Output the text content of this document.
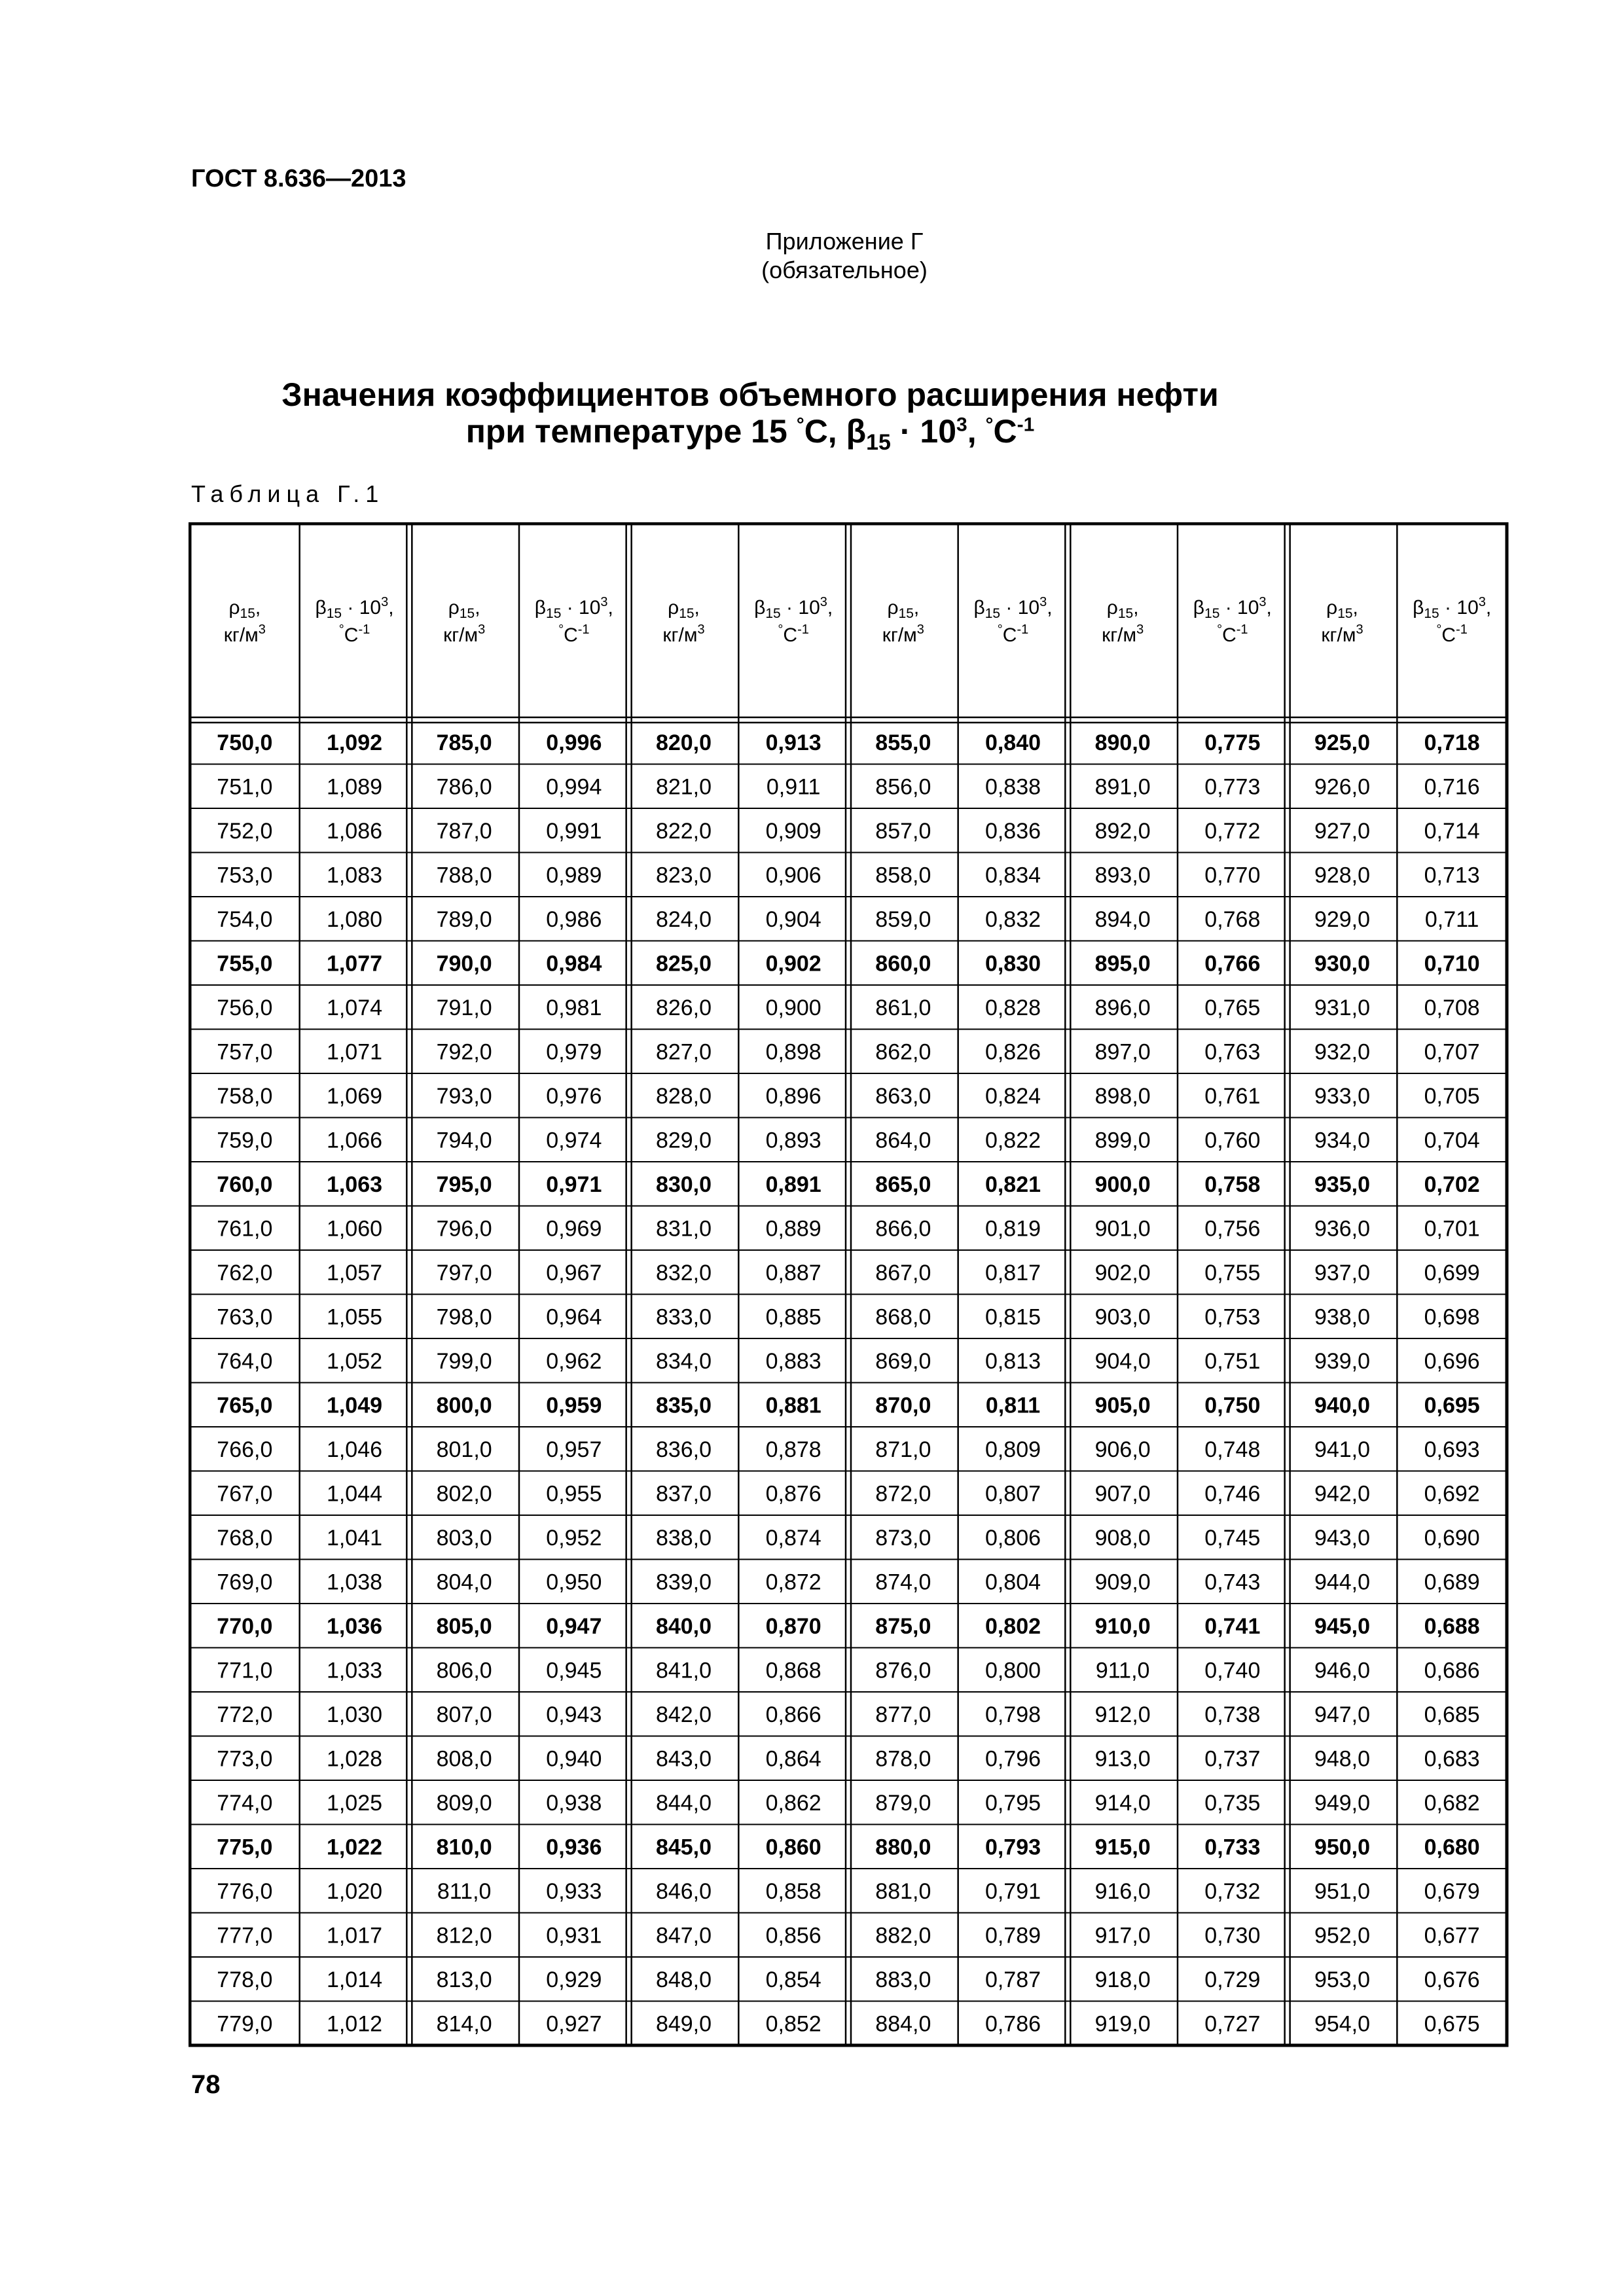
ГОСТ 8.636—2013
Приложение Г
(обязательное)
Значения коэффициентов объемного расширения нефти
при температуре 15 °С, $\beta_{15} \cdot 10^3$, $^\circ С^{-1}$
Таблица Г.1
$\rho_{15}$,
$кг/м^3$
$\beta_{15} \cdot 10^3$,
$^\circ С^{-1}$
$\rho_{15}$,
$кг/м^3$
$\beta_{15} \cdot 10^3$,
$^\circ С^{-1}$
$\rho_{15}$,
$кг/м^3$
$\beta_{15} \cdot 10^3$,
$^\circ С^{-1}$
$\rho_{15}$,
$кг/м^3$
$\beta_{15} \cdot 10^3$,
$^\circ С^{-1}$
$\rho_{15}$,
$кг/м^3$
$\beta_{15} \cdot 10^3$,
$^\circ С^{-1}$
$\rho_{15}$,
$кг/м^3$
$\beta_{15} \cdot 10^3$,
$^\circ С^{-1}$
750,0 1,092 785,0 0,996 820,0 0,913 855,0 0,840 890,0 0,775 925,0 0,718
751,0 1,089 786,0 0,994 821,0 0,911 856,0 0,838 891,0 0,773 926,0 0,716
752,0 1,086 787,0 0,991 822,0 0,909 857,0 0,836 892,0 0,772 927,0 0,714
753,0 1,083 788,0 0,989 823,0 0,906 858,0 0,834 893,0 0,770 928,0 0,713
754,0 1,080 789,0 0,986 824,0 0,904 859,0 0,832 894,0 0,768 929,0 0,711
755,0 1,077 790,0 0,984 825,0 0,902 860,0 0,830 895,0 0,766 930,0 0,710
756,0 1,074 791,0 0,981 826,0 0,900 861,0 0,828 896,0 0,765 931,0 0,708
757,0 1,071 792,0 0,979 827,0 0,898 862,0 0,826 897,0 0,763 932,0 0,707
758,0 1,069 793,0 0,976 828,0 0,896 863,0 0,824 898,0 0,761 933,0 0,705
759,0 1,066 794,0 0,974 829,0 0,893 864,0 0,822 899,0 0,760 934,0 0,704
760,0 1,063 795,0 0,971 830,0 0,891 865,0 0,821 900,0 0,758 935,0 0,702
761,0 1,060 796,0 0,969 831,0 0,889 866,0 0,819 901,0 0,756 936,0 0,701
762,0 1,057 797,0 0,967 832,0 0,887 867,0 0,817 902,0 0,755 937,0 0,699
763,0 1,055 798,0 0,964 833,0 0,885 868,0 0,815 903,0 0,753 938,0 0,698
764,0 1,052 799,0 0,962 834,0 0,883 869,0 0,813 904,0 0,751 939,0 0,696
765,0 1,049 800,0 0,959 835,0 0,881 870,0 0,811 905,0 0,750 940,0 0,695
766,0 1,046 801,0 0,957 836,0 0,878 871,0 0,809 906,0 0,748 941,0 0,693
767,0 1,044 802,0 0,955 837,0 0,876 872,0 0,807 907,0 0,746 942,0 0,692
768,0 1,041 803,0 0,952 838,0 0,874 873,0 0,806 908,0 0,745 943,0 0,690
769,0 1,038 804,0 0,950 839,0 0,872 874,0 0,804 909,0 0,743 944,0 0,689
770,0 1,036 805,0 0,947 840,0 0,870 875,0 0,802 910,0 0,741 945,0 0,688
771,0 1,033 806,0 0,945 841,0 0,868 876,0 0,800 911,0 0,740 946,0 0,686
772,0 1,030 807,0 0,943 842,0 0,866 877,0 0,798 912,0 0,738 947,0 0,685
773,0 1,028 808,0 0,940 843,0 0,864 878,0 0,796 913,0 0,737 948,0 0,683
774,0 1,025 809,0 0,938 844,0 0,862 879,0 0,795 914,0 0,735 949,0 0,682
775,0 1,022 810,0 0,936 845,0 0,860 880,0 0,793 915,0 0,733 950,0 0,680
776,0 1,020 811,0 0,933 846,0 0,858 881,0 0,791 916,0 0,732 951,0 0,679
777,0 1,017 812,0 0,931 847,0 0,856 882,0 0,789 917,0 0,730 952,0 0,677
778,0 1,014 813,0 0,929 848,0 0,854 883,0 0,787 918,0 0,729 953,0 0,676
779,0 1,012 814,0 0,927 849,0 0,852 884,0 0,786 919,0 0,727 954,0 0,675
78
